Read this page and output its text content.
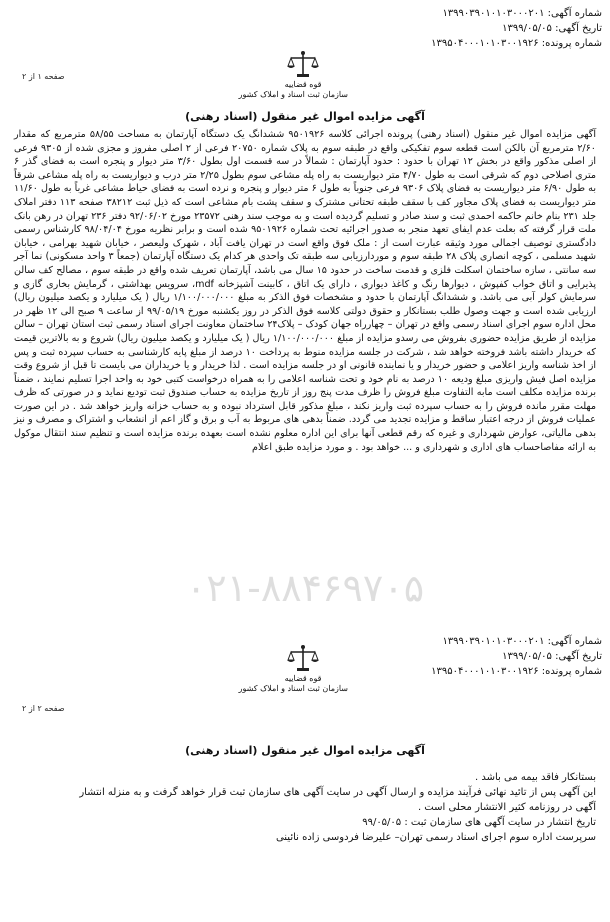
شماره آگهی: ۱۳۹۹۰۳۹۰۱۰۱۰۳۰۰۰۲۰۱
تاریخ آگهی: ۱۳۹۹/۰۵/۰۵
شماره پرونده: ۱۳۹۵۰۴۰۰۰۱۰۱۰۳۰۰۱۹۲۶
قوه قضاییه
سازمان ثبت اسناد و املاک کشور
صفحه ۱ از ۲
آگهی مزایده اموال غیر منقول (اسناد رهنی)
۰۲۱-۸۸۴۶۹۷۰۵

آگهی مزایده اموال غیر منقول (اسناد رهنی) پرونده اجرائی کلاسه ۹۵۰۱۹۲۶ ششدانگ یک دستگاه آپارتمان به مساحت ۵۸/۵۵ مترمربع که مقدار ۲/۶۰ مترمربع آن بالکن است قطعه سوم تفکیکی واقع در طبقه سوم به پلاک شماره ۲۰۷۵۰ فرعی از ۲ اصلی مفروز و مجزی شده از ۹۳۰۵ فرعی از اصلی مذکور واقع در بخش ۱۲ تهران با حدود : حدود آپارتمان : شمالاً در سه قسمت اول بطول ۳/۶۰ متر دیوار و پنجره است به فضای گذر ۶ متری اصلاحی دوم که شرقی است به طول ۴/۷۰ متر دیواریست به راه پله مشاعی سوم بطول ۲/۲۵ متر درب و دیواریست به راه پله مشاعی شرقاً به طول ۶/۹۰ متر دیواریست به فضای پلاک ۹۳۰۶ فرعی جنوباً به طول ۶ متر دیوار و پنجره و نرده است به فضای حیاط مشاعی غرباً به طول ۱۱/۶۰ متر دیواریست به فضای پلاک مجاور کف با سقف طبقه تحتانی مشترک و سقف پشت بام مشاعی است که ذیل ثبت ۳۸۲۱۲ صفحه ۱۱۳ دفتر املاک جلد ۲۳۱ بنام خانم حاکمه احمدی ثبت و سند صادر و تسلیم گردیده است و به موجب سند رهنی ۲۳۵۷۲ مورخ ۹۲/۰۶/۰۲ دفتر ۲۳۶ تهران در رهن بانک ملت قرار گرفته که بعلت عدم ایفای تعهد منجر به صدور اجرائیه تحت شماره ۹۵۰۱۹۲۶ شده است و برابر نظریه مورخ ۹۸/۰۴/۰۴ کارشناس رسمی دادگستری توصیف اجمالی مورد وثیقه عبارت است از : ملک فوق واقع است در تهران یافت آباد ، شهرک ولیعصر ، خیابان شهید بهرامی ، خیابان شهید مسلمی ، کوچه انصاری پلاک ۲۸ طبقه سوم و موردارزیابی سه طبقه تک واحدی هر کدام یک دستگاه آپارتمان (جمعاً ۳ واحد مسکونی) نما آجر سه سانتی ، سازه ساختمان اسکلت فلزی و قدمت ساخت در حدود ۱۵ سال می باشد، آپارتمان تعریف شده واقع در طبقه سوم ، مصالح کف سالن پذیرایی و اتاق خواب کفپوش ، دیوارها رنگ و کاغذ دیواری ، دارای یک اتاق ، کابینت آشپزخانه mdf، سرویس بهداشتی ، گرمایش بخاری گازی و سرمایش کولر آبی می باشد. و ششدانگ آپارتمان با حدود و مشخصات فوق الذکر به مبلغ ۱/۱۰۰/۰۰۰/۰۰۰ ریال ( یک میلیارد و یکصد میلیون ریال) ارزیابی شده است و جهت وصول طلب بستانکار و حقوق دولتی کلاسه فوق الذکر در روز یکشنبه مورخ ۹۹/۰۵/۱۹ از ساعت ۹ صبح الی ۱۲ ظهر در محل اداره سوم اجرای اسناد رسمی واقع در تهران – چهارراه جهان کودک – پلاک۲۴ ساختمان معاونت اجرای اسناد رسمی ثبت استان تهران – سالن مزایده از طریق مزایده حضوری بفروش می رسدو مزایده از مبلغ ۱/۱۰۰/۰۰۰/۰۰۰ ریال ( یک میلیارد و یکصد میلیون ریال) شروع و به بالاترین قیمت که خریدار داشته باشد فروخته خواهد شد ، شرکت در جلسه مزایده منوط به پرداخت ۱۰ درصد از مبلغ پایه کارشناسی به حساب سپرده ثبت و پس از اخذ شناسه واریز اعلامی و حضور خریدار و یا نماینده قانونی او در جلسه مزایده است . لذا خریدار و یا خریداران می بایست تا قبل از شروع وقت مزایده اصل فیش واریزی مبلغ ودیعه ۱۰ درصد به نام خود و تحت شناسه اعلامی را به همراه درخواست کتبی خود به واحد اجرا تسلیم نمایند ، ضمناً برنده مزایده مکلف است مابه التفاوت مبلغ فروش را ظرف مدت پنج روز از تاریخ مزایده به حساب صندوق ثبت تودیع نماید و در صورتی که ظرف مهلت مقرر مانده فروش را به حساب سپرده ثبت واریز نکند ، مبلغ مذکور قابل استرداد نبوده و به حساب خزانه واریز خواهد شد . در این صورت عملیات فروش از درجه اعتبار ساقط و مزایده تجدید می گردد. ضمناً بدهی های مربوط به آب و برق و گاز اعم از انشعاب و اشتراک و مصرف و نیز بدهی مالیاتی، عوارض شهرداری و غیره که رقم قطعی آنها برای این اداره معلوم نشده است بعهده برنده مزایده است و تنظیم سند انتقال موکول به ارائه مفاصاحساب های اداری و شهرداری و ... خواهد بود . و مورد مزایده طبق اعلام

شماره آگهی: ۱۳۹۹۰۳۹۰۱۰۱۰۳۰۰۰۲۰۱
تاریخ آگهی: ۱۳۹۹/۰۵/۰۵
شماره پرونده: ۱۳۹۵۰۴۰۰۰۱۰۱۰۳۰۰۱۹۲۶
قوه قضاییه
سازمان ثبت اسناد و املاک کشور
صفحه ۲ از ۲
آگهی مزایده اموال غیر منقول (اسناد رهنی)
بستانکار فاقد بیمه می باشد .
این آگهی پس از تائید نهائی فرآیند مزایده و ارسال آگهی در سایت آگهی های سازمان ثبت قرار خواهد گرفت و به منزله انتشار
آگهی در روزنامه کثیر الانتشار محلی است .
تاریخ انتشار در سایت آگهی های سازمان ثبت : ۹۹/۰۵/۰۵
سرپرست اداره سوم اجرای اسناد رسمی تهران– علیرضا فردوسی زاده نائینی
